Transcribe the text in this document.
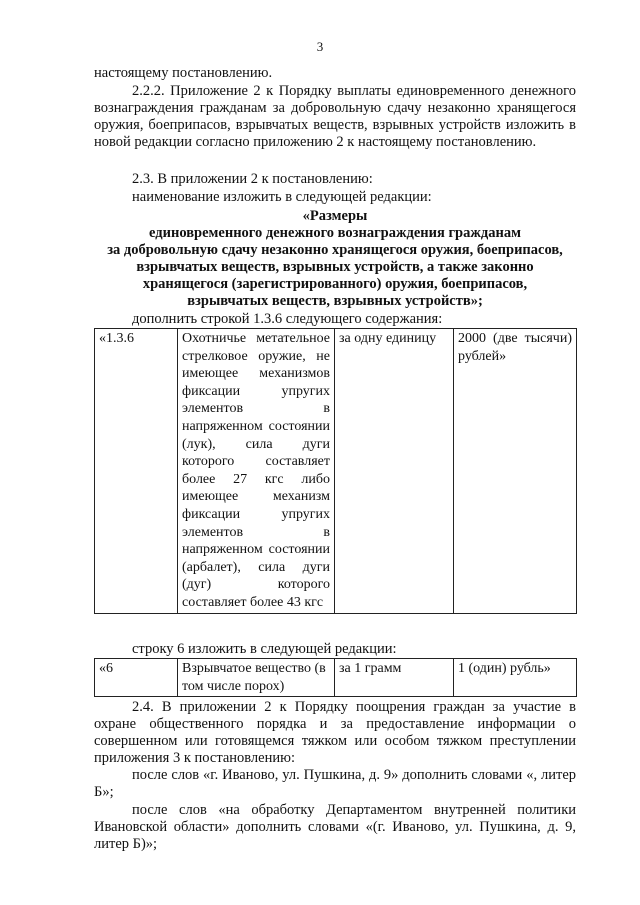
3

настоящему постановлению.

2.2.2. Приложение 2 к Порядку выплаты единовременного денежного вознаграждения гражданам за добровольную сдачу незаконно хранящегося оружия, боеприпасов, взрывчатых веществ, взрывных устройств изложить в новой редакции согласно приложению 2 к настоящему постановлению.

2.3. В приложении 2 к постановлению:

наименование изложить в следующей редакции:

«Размеры
единовременного денежного вознаграждения гражданам
за добровольную сдачу незаконно хранящегося оружия, боеприпасов,
взрывчатых веществ, взрывных устройств, а также законно
хранящегося (зарегистрированного) оружия, боеприпасов,
взрывчатых веществ, взрывных устройств»;

дополнить строкой 1.3.6 следующего содержания:

«1.3.6	Охотничье метательное стрелковое оружие, не имеющее механизмов фиксации упругих элементов в напряженном состоянии (лук), сила дуги которого составляет более 27 кгс либо имеющее механизм фиксации упругих элементов в напряженном состоянии (арбалет), сила дуги (дуг) которого составляет более 43 кгс	за одну единицу	2000 (две тысячи) рублей»

строку 6 изложить в следующей редакции:

«6	Взрывчатое вещество (в том числе порох)	за 1 грамм	1 (один) рубль»

2.4. В приложении 2 к Порядку поощрения граждан за участие в охране общественного порядка и за предоставление информации о совершенном или готовящемся тяжком или особом тяжком преступлении приложения 3 к постановлению:

после слов «г. Иваново, ул. Пушкина, д. 9» дополнить словами «, литер Б»;

после слов «на обработку Департаментом внутренней политики Ивановской области» дополнить словами «(г. Иваново, ул. Пушкина, д. 9, литер Б)»;
